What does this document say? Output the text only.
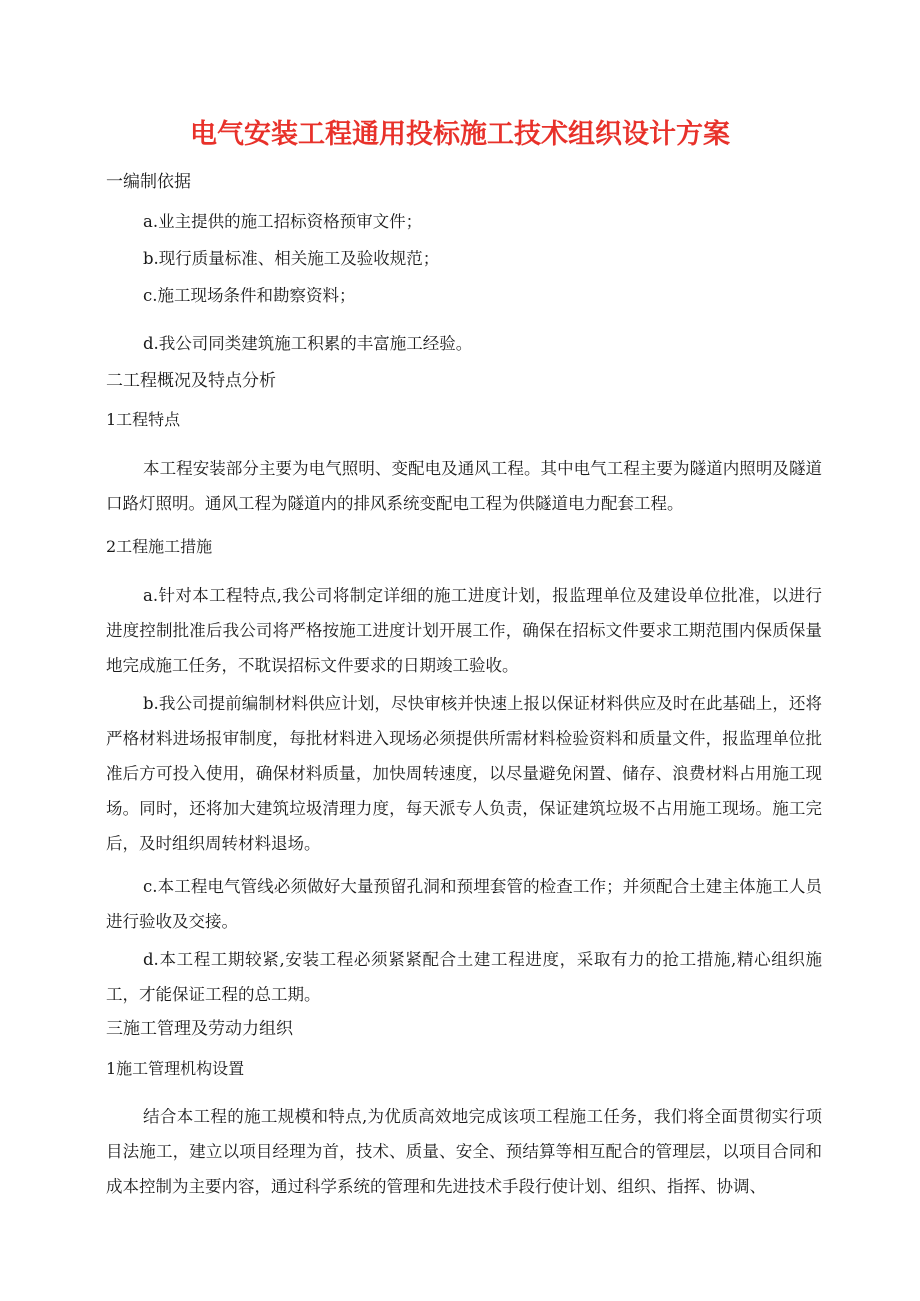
电气安装工程通用投标施工技术组织设计方案
一编制依据
a.业主提供的施工招标资格预审文件；
b.现行质量标准、相关施工及验收规范；
c.施工现场条件和勘察资料；
d.我公司同类建筑施工积累的丰富施工经验。
二工程概况及特点分析
1工程特点
本工程安装部分主要为电气照明、变配电及通风工程。其中电气工程主要为隧道内照明及隧道口路灯照明。通风工程为隧道内的排风系统变配电工程为供隧道电力配套工程。
2工程施工措施
a.针对本工程特点,我公司将制定详细的施工进度计划，报监理单位及建设单位批准，以进行进度控制批准后我公司将严格按施工进度计划开展工作，确保在招标文件要求工期范围内保质保量地完成施工任务，不耽误招标文件要求的日期竣工验收。
b.我公司提前编制材料供应计划，尽快审核并快速上报以保证材料供应及时在此基础上，还将严格材料进场报审制度，每批材料进入现场必须提供所需材料检验资料和质量文件，报监理单位批准后方可投入使用，确保材料质量，加快周转速度，以尽量避免闲置、储存、浪费材料占用施工现场。同时，还将加大建筑垃圾清理力度，每天派专人负责，保证建筑垃圾不占用施工现场。施工完后，及时组织周转材料退场。
c.本工程电气管线必须做好大量预留孔洞和预埋套管的检查工作；并须配合土建主体施工人员进行验收及交接。
d.本工程工期较紧,安装工程必须紧紧配合土建工程进度，采取有力的抢工措施,精心组织施工，才能保证工程的总工期。
三施工管理及劳动力组织
1施工管理机构设置
结合本工程的施工规模和特点,为优质高效地完成该项工程施工任务，我们将全面贯彻实行项目法施工，建立以项目经理为首，技术、质量、安全、预结算等相互配合的管理层，以项目合同和成本控制为主要内容，通过科学系统的管理和先进技术手段行使计划、组织、指挥、协调、
